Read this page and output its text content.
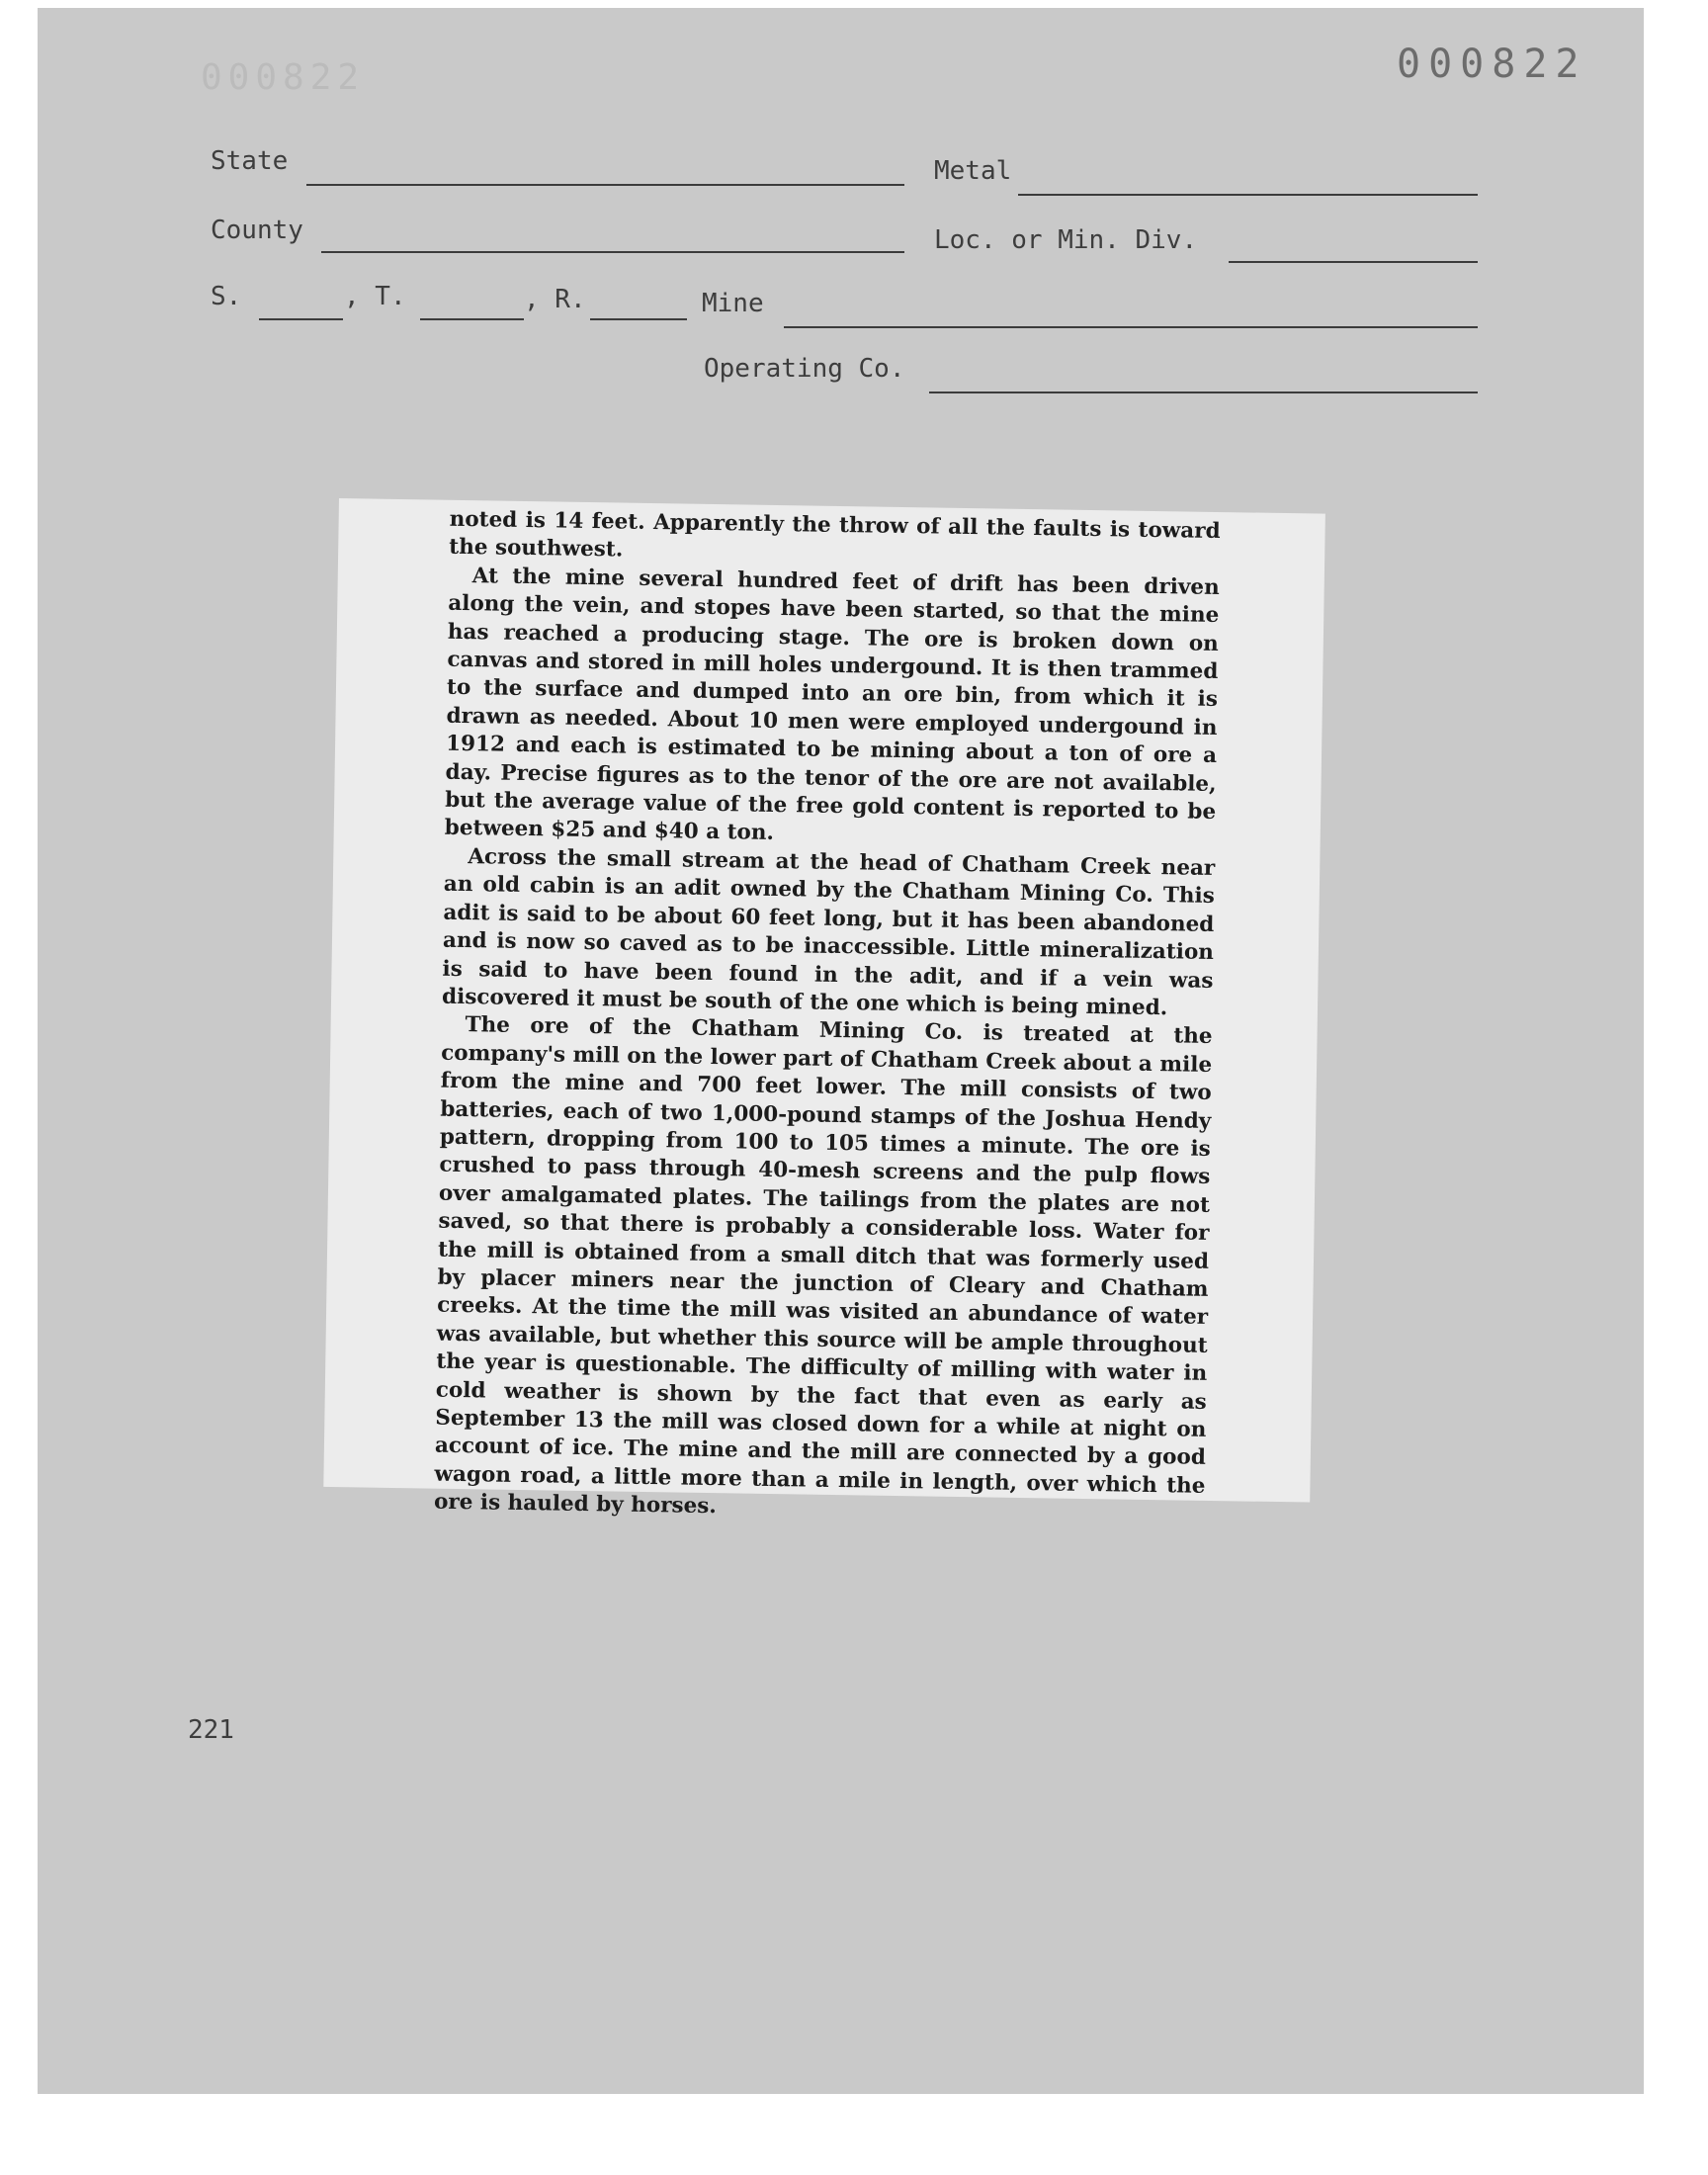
000822	000822
State	Metal
County	Loc. or Min. Div.
S.	, T.	, R.	Mine
Operating Co.

noted is 14 feet. Apparently the throw of all the faults is toward the southwest.

At the mine several hundred feet of drift has been driven along the vein, and stopes have been started, so that the mine has reached a producing stage. The ore is broken down on canvas and stored in mill holes undergound. It is then trammed to the surface and dumped into an ore bin, from which it is drawn as needed. About 10 men were employed undergound in 1912 and each is estimated to be mining about a ton of ore a day. Precise figures as to the tenor of the ore are not available, but the average value of the free gold content is reported to be between $25 and $40 a ton.

Across the small stream at the head of Chatham Creek near an old cabin is an adit owned by the Chatham Mining Co. This adit is said to be about 60 feet long, but it has been abandoned and is now so caved as to be inaccessible. Little mineralization is said to have been found in the adit, and if a vein was discovered it must be south of the one which is being mined.

The ore of the Chatham Mining Co. is treated at the company's mill on the lower part of Chatham Creek about a mile from the mine and 700 feet lower. The mill consists of two batteries, each of two 1,000-pound stamps of the Joshua Hendy pattern, dropping from 100 to 105 times a minute. The ore is crushed to pass through 40-mesh screens and the pulp flows over amalgamated plates. The tailings from the plates are not saved, so that there is probably a considerable loss. Water for the mill is obtained from a small ditch that was formerly used by placer miners near the junction of Cleary and Chatham creeks. At the time the mill was visited an abundance of water was available, but whether this source will be ample throughout the year is questionable. The difficulty of milling with water in cold weather is shown by the fact that even as early as September 13 the mill was closed down for a while at night on account of ice. The mine and the mill are connected by a good wagon road, a little more than a mile in length, over which the ore is hauled by horses.

221
